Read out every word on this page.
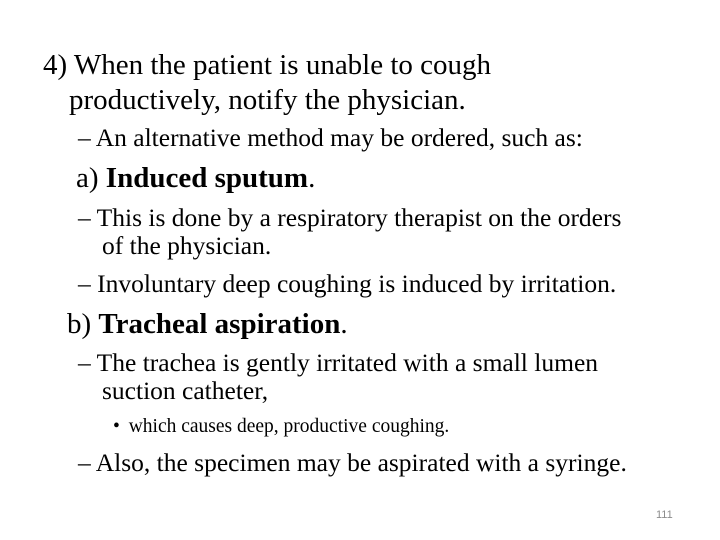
4) When the patient is unable to cough
productively, notify the physician.
– An alternative method may be ordered, such as:
a) Induced sputum.
– This is done by a respiratory therapist on the orders
of the physician.
– Involuntary deep coughing is induced by irritation.
b) Tracheal aspiration.
– The trachea is gently irritated with a small lumen
suction catheter,
• which causes deep, productive coughing.
– Also, the specimen may be aspirated with a syringe.
111
